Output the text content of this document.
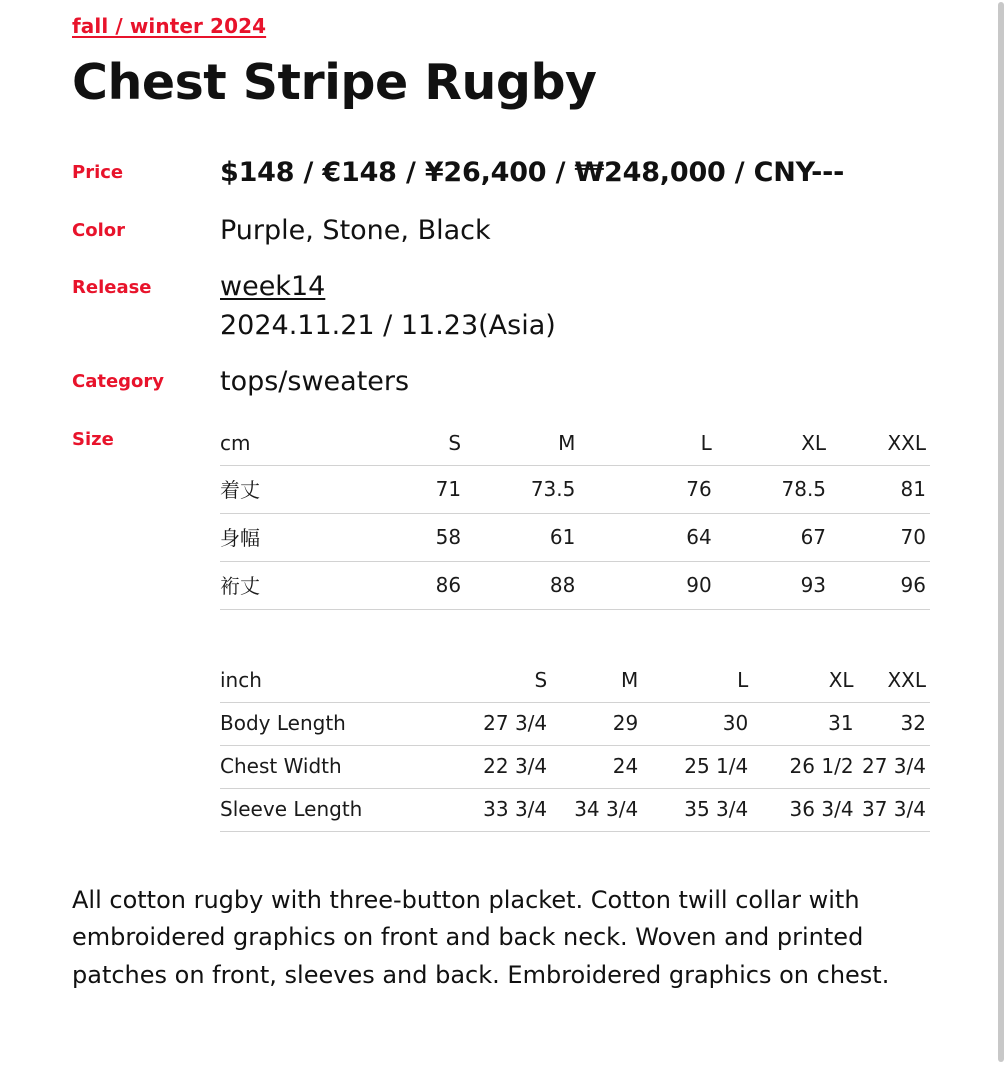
fall / winter 2024
Chest Stripe Rugby
Price	$148 / €148 / ¥26,400 / ₩248,000 / CNY---
Color	Purple, Stone, Black
Release	week14
2024.11.21 / 11.23(Asia)
Category	tops/sweaters
Size	cm	S	M	L	XL	XXL
着丈	71	73.5	76	78.5	81
身幅	58	61	64	67	70
裄丈	86	88	90	93	96
inch	S	M	L	XL	XXL
Body Length	27 3/4	29	30	31	32
Chest Width	22 3/4	24	25 1/4	26 1/2	27 3/4
Sleeve Length	33 3/4	34 3/4	35 3/4	36 3/4	37 3/4

All cotton rugby with three-button placket. Cotton twill collar with embroidered graphics on front and back neck. Woven and printed patches on front, sleeves and back. Embroidered graphics on chest.
